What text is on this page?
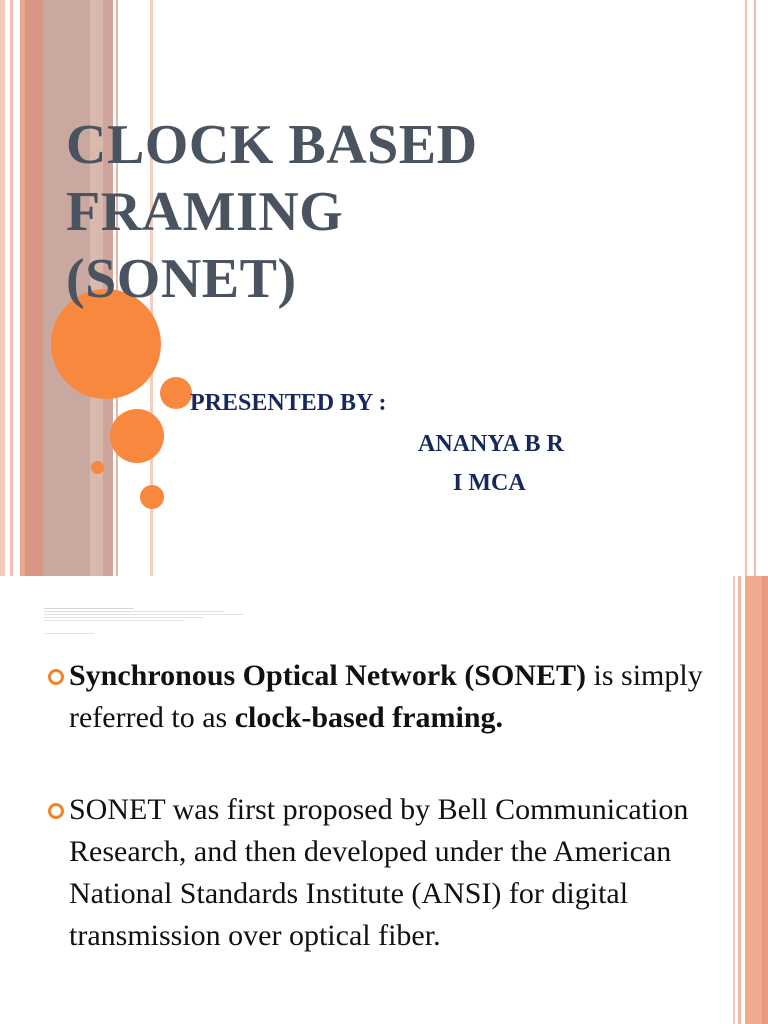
CLOCK BASED
FRAMING
(SONET)
PRESENTED BY :
ANANYA B R
I MCA
Synchronous Optical Network (SONET) is simply referred to as clock-based framing.
SONET was first proposed by Bell Communication Research, and then developed under the American National Standards Institute (ANSI) for digital transmission over optical fiber.
